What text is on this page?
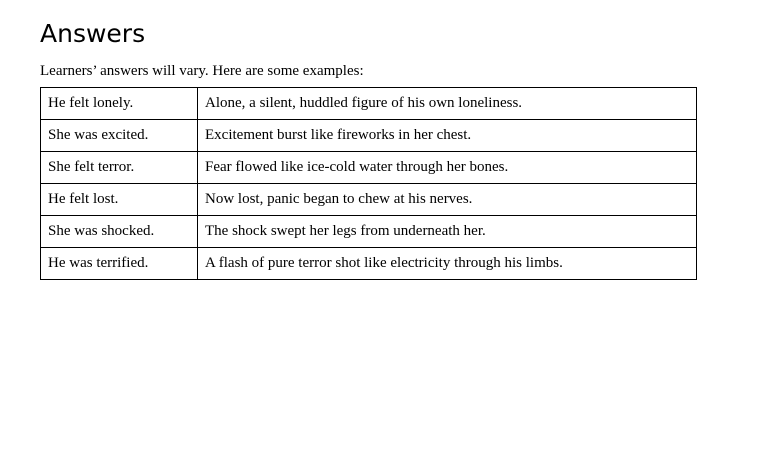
Answers

Learners’ answers will vary. Here are some examples:

He felt lonely.	Alone, a silent, huddled figure of his own loneliness.
She was excited.	Excitement burst like fireworks in her chest.
She felt terror.	Fear flowed like ice-cold water through her bones.
He felt lost.	Now lost, panic began to chew at his nerves.
She was shocked.	The shock swept her legs from underneath her.
He was terrified.	A flash of pure terror shot like electricity through his limbs.
